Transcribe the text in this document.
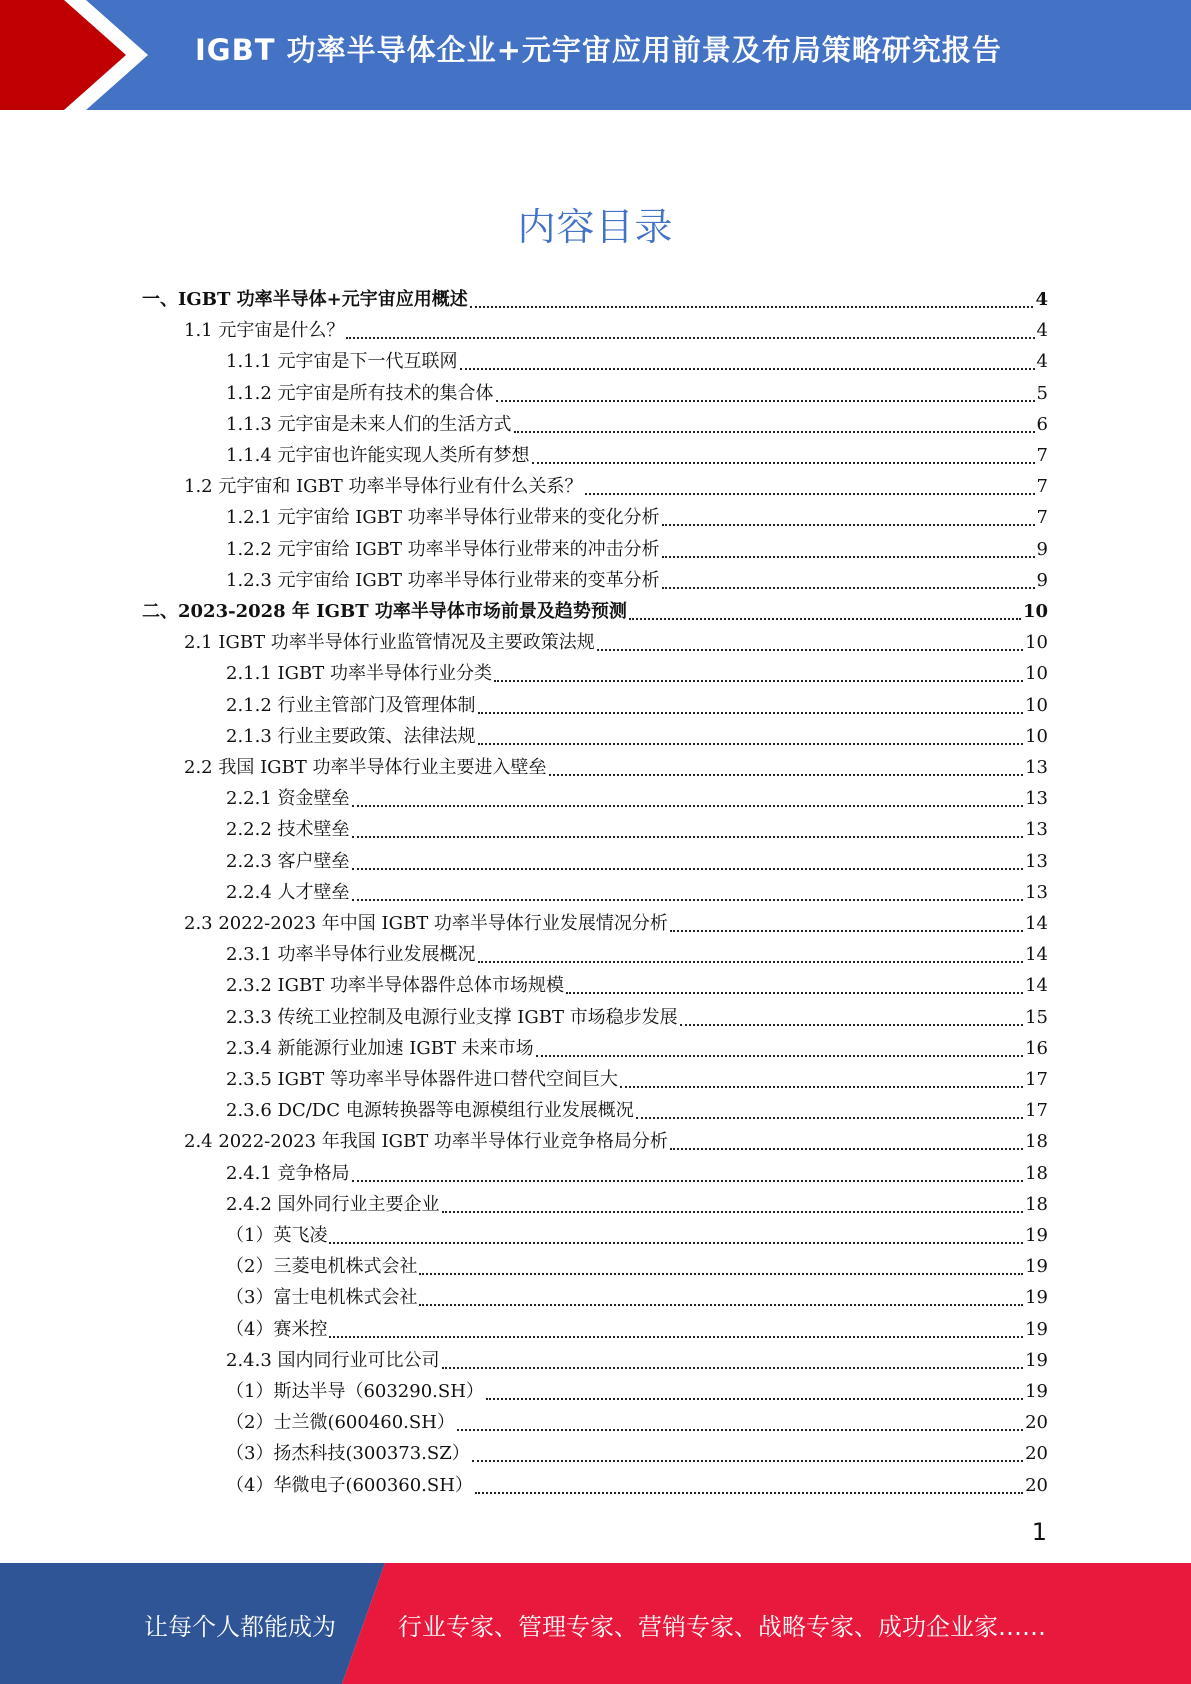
IGBT 功率半导体企业+元宇宙应用前景及布局策略研究报告
内容目录
一、IGBT 功率半导体+元宇宙应用概述	4
1.1 元宇宙是什么？	4
1.1.1 元宇宙是下一代互联网	4
1.1.2 元宇宙是所有技术的集合体	5
1.1.3 元宇宙是未来人们的生活方式	6
1.1.4 元宇宙也许能实现人类所有梦想	7
1.2 元宇宙和 IGBT 功率半导体行业有什么关系？	7
1.2.1 元宇宙给 IGBT 功率半导体行业带来的变化分析	7
1.2.2 元宇宙给 IGBT 功率半导体行业带来的冲击分析	9
1.2.3 元宇宙给 IGBT 功率半导体行业带来的变革分析	9
二、2023-2028 年 IGBT 功率半导体市场前景及趋势预测	10
2.1 IGBT 功率半导体行业监管情况及主要政策法规	10
2.1.1 IGBT 功率半导体行业分类	10
2.1.2 行业主管部门及管理体制	10
2.1.3 行业主要政策、法律法规	10
2.2 我国 IGBT 功率半导体行业主要进入壁垒	13
2.2.1 资金壁垒	13
2.2.2 技术壁垒	13
2.2.3 客户壁垒	13
2.2.4 人才壁垒	13
2.3 2022-2023 年中国 IGBT 功率半导体行业发展情况分析	14
2.3.1 功率半导体行业发展概况	14
2.3.2 IGBT 功率半导体器件总体市场规模	14
2.3.3 传统工业控制及电源行业支撑 IGBT 市场稳步发展	15
2.3.4 新能源行业加速 IGBT 未来市场	16
2.3.5 IGBT 等功率半导体器件进口替代空间巨大	17
2.3.6 DC/DC 电源转换器等电源模组行业发展概况	17
2.4 2022-2023 年我国 IGBT 功率半导体行业竞争格局分析	18
2.4.1 竞争格局	18
2.4.2 国外同行业主要企业	18
（1）英飞凌	19
（2）三菱电机株式会社	19
（3）富士电机株式会社	19
（4）赛米控	19
2.4.3 国内同行业可比公司	19
（1）斯达半导（603290.SH）	19
（2）士兰微(600460.SH）	20
（3）扬杰科技(300373.SZ）	20
（4）华微电子(600360.SH）	20
1
让每个人都能成为	行业专家、管理专家、营销专家、战略专家、成功企业家……
